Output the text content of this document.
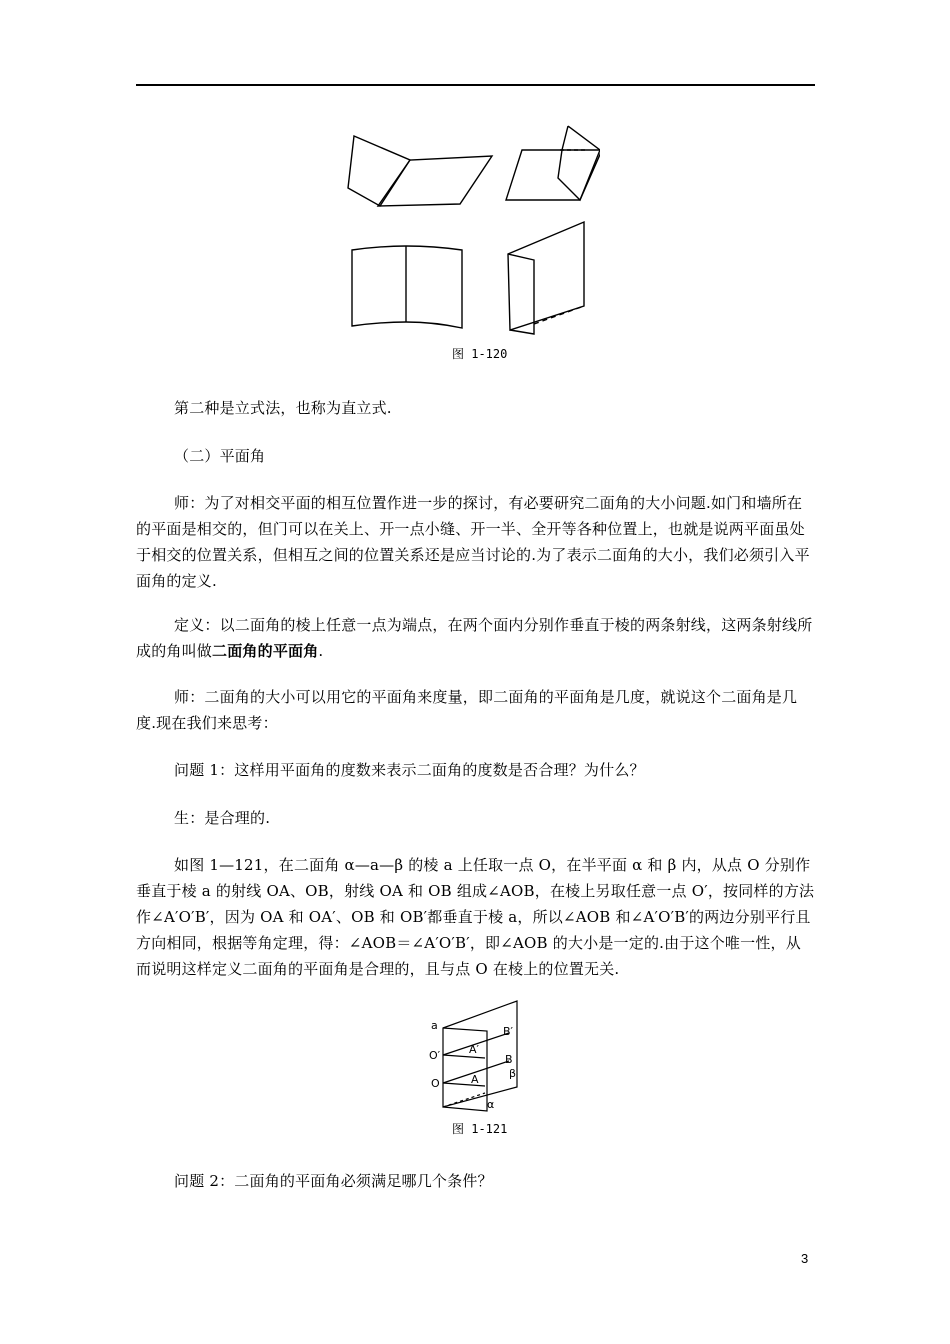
图 1-120

第二种是立式法，也称为直立式.

（二）平面角

师：为了对相交平面的相互位置作进一步的探讨，有必要研究二面角的大小问题.如门和墙所在的平面是相交的，但门可以在关上、开一点小缝、开一半、全开等各种位置上，也就是说两平面虽处于相交的位置关系，但相互之间的位置关系还是应当讨论的.为了表示二面角的大小，我们必须引入平面角的定义.

定义：以二面角的棱上任意一点为端点，在两个面内分别作垂直于棱的两条射线，这两条射线所成的角叫做二面角的平面角.

师：二面角的大小可以用它的平面角来度量，即二面角的平面角是几度，就说这个二面角是几度.现在我们来思考：

问题 1：这样用平面角的度数来表示二面角的度数是否合理？为什么？

生：是合理的.

如图 1—121，在二面角 α—a—β 的棱 a 上任取一点 O，在半平面 α 和 β 内，从点 O 分别作垂直于棱 a 的射线 OA、OB，射线 OA 和 OB 组成∠AOB，在棱上另取任意一点 O′，按同样的方法作∠A′O′B′，因为 OA 和 OA′、OB 和 OB′都垂直于棱 a，所以∠AOB 和∠A′O′B′的两边分别平行且方向相同，根据等角定理，得：∠AOB＝∠A′O′B′，即∠AOB 的大小是一定的.由于这个唯一性，从而说明这样定义二面角的平面角是合理的，且与点 O 在棱上的位置无关.

a
O′
O
B′
A′
B
A	β
α
图 1-121

问题 2：二面角的平面角必须满足哪几个条件？

3
